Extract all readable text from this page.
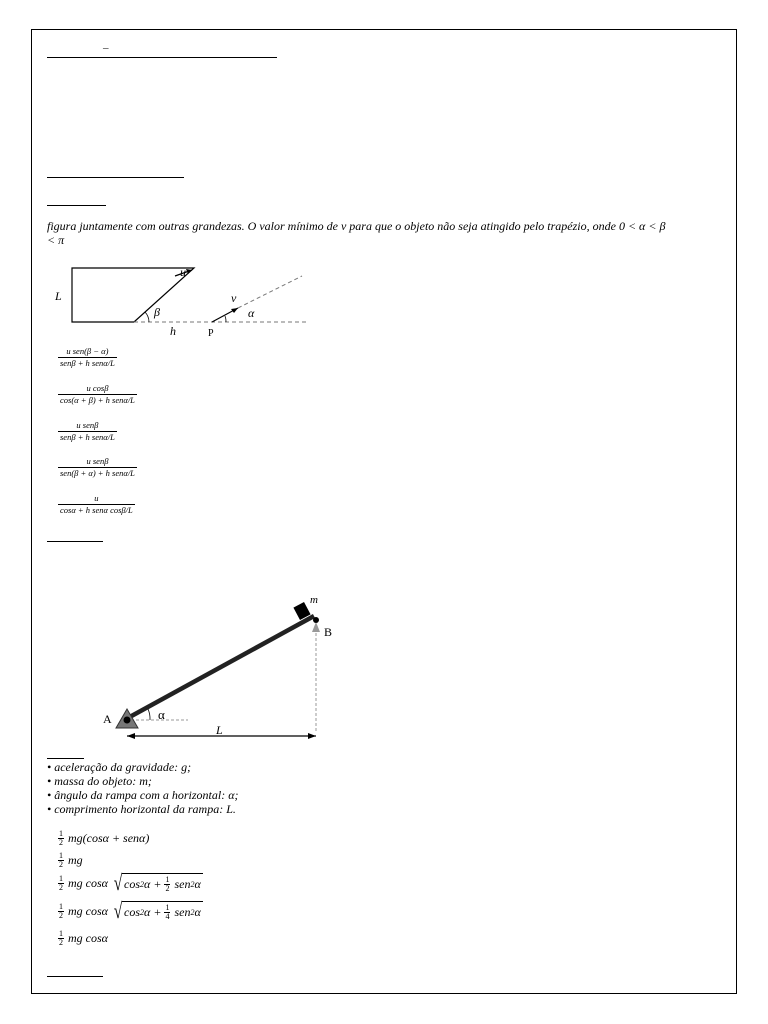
–
figura juntamente com outras grandezas. O valor mínimo de v para que o objeto não seja atingido pelo trapézio, onde 0 < α < β
< π
L
u
β
v
α
h	P
u sen(β − α)
senβ + h senα/L
u cosβ
cos(α + β) + h senα/L
u senβ
senβ + h senα/L
u senβ
sen(β + α) + h senα/L
u
cosα + h senα cosβ/L
m
B
A	α
L
• aceleração da gravidade: g;
• massa do objeto: m;
• ângulo da rampa com a horizontal: α;
• comprimento horizontal da rampa: L.
$\frac{1}{2} mg(\cos\alpha + sen\alpha)$
$\frac{1}{2}$ mg
$\frac{1}{2}$ mg cosα √ cos 2 α +
$\frac{1}{2}$ sen 2 α
$\frac{1}{2}$ mg cosα √ cos 2 α +
$\frac{1}{4}$ sen 2 α
$\frac{1}{2}$ mg cosα
